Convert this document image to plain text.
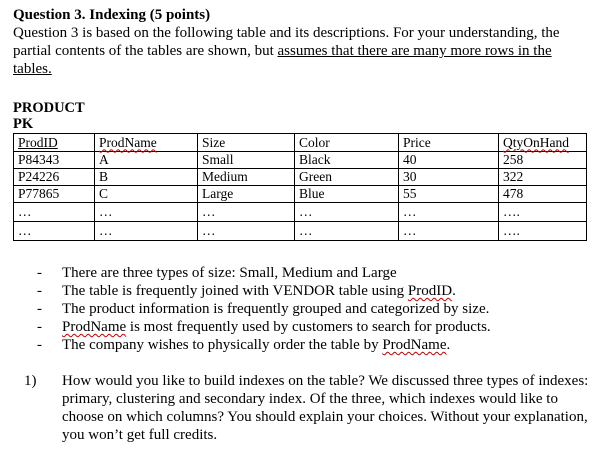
Question 3. Indexing (5 points)
Question 3 is based on the following table and its descriptions. For your understanding, the partial contents of the tables are shown, but assumes that there are many more rows in the tables.
PRODUCT
PK
ProdID	ProdName	Size	Color	Price	QtyOnHand
P84343	A	Small	Black	40	258
P24226	B	Medium	Green	30	322
P77865	C	Large	Blue	55	478
…	…	…	…	…	….
…	…	…	…	…	….
- There are three types of size: Small, Medium and Large
- The table is frequently joined with VENDOR table using ProdID.
- The product information is frequently grouped and categorized by size.
- ProdName is most frequently used by customers to search for products.
- The company wishes to physically order the table by ProdName.
1) How would you like to build indexes on the table? We discussed three types of indexes: primary, clustering and secondary index. Of the three, which indexes would like to choose on which columns? You should explain your choices. Without your explanation, you won’t get full credits.
